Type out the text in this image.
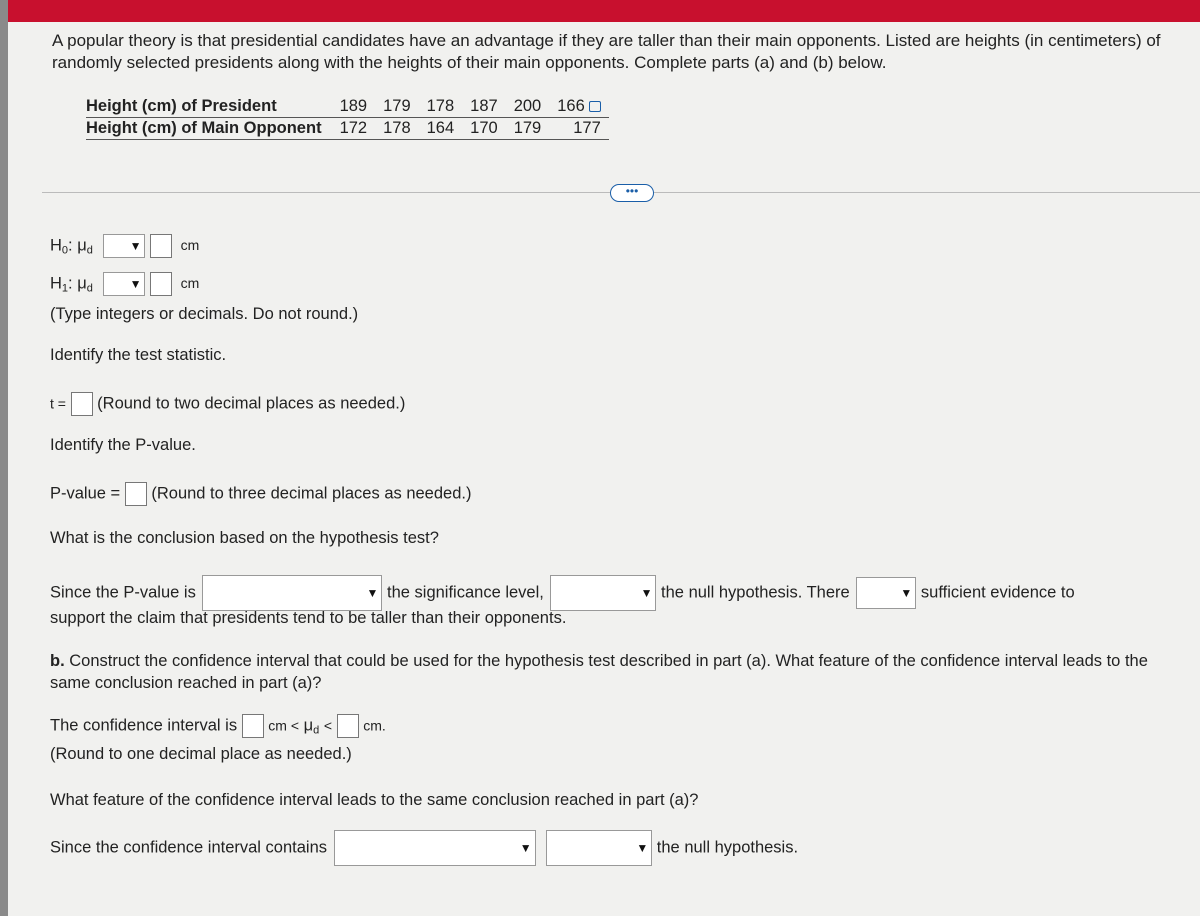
A popular theory is that presidential candidates have an advantage if they are taller than their main opponents. Listed are heights (in centimeters) of randomly selected presidents along with the heights of their main opponents. Complete parts (a) and (b) below.
Height (cm) of President	189	179	178	187	200	166
Height (cm) of Main Opponent	172	178	164	170	179	177
•••
$H_0$: $\mu_d$	▼	cm
$H_1$: $\mu_d$	▼	cm
(Type integers or decimals. Do not round.)
Identify the test statistic.
t = (Round to two decimal places as needed.)
Identify the P-value.
P-value = (Round to three decimal places as needed.)
What is the conclusion based on the hypothesis test?
Since the P-value is	▼ the significance level,	▼ the null hypothesis. There	▼ sufficient evidence to
support the claim that presidents tend to be taller than their opponents.
b. Construct the confidence interval that could be used for the hypothesis test described in part (a). What feature of the confidence interval leads to the same conclusion reached in part (a)?
The confidence interval is cm < $\mu_d$ < cm.
(Round to one decimal place as needed.)
What feature of the confidence interval leads to the same conclusion reached in part (a)?
Since the confidence interval contains	▼
	▼ the null hypothesis.
